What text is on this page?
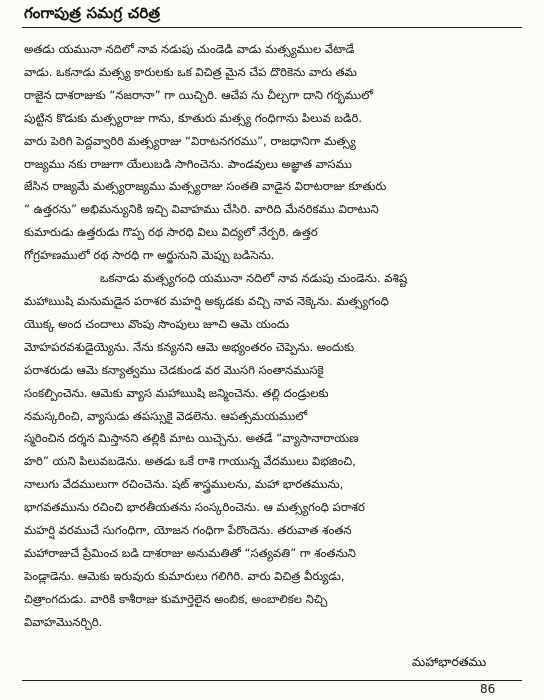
గంగాపుత్ర సమగ్ర చరిత్ర
అతడు యమునా నదిలో నావ నడుపు చుండెడి వాడు మత్స్యముల వేటాడే
వాడు. ఒకనాడు మత్స్య కారులకు ఒక విచిత్ర మైన చేప దొరికెను వారు తమ
రాజైన దాశరాజుకు “నజరానా” గా యిచ్చిరి. ఆచేప ను చీల్చగా దాని గర్భములో
పుట్టిన కొడుకు మత్స్యరాజు గాను, కూతురు మత్స్య గంధిగాను పిలువ బడిరి.
వారు పెరిగి పెద్దవ్వారిరి మత్స్యరాజు “విరాటనగరము”, రాజధానిగా మత్స్య
రాజ్యము నకు రాజుగా యేలుబడి సాగించెను. పాండవులు అజ్ఞాత వాసము
జేసిన రాజ్యమే మత్స్యరాజ్యము మత్స్యరాజు సంతతి వాడైన విరాటరాజు కూతురు
“ ఉత్తరను” అభిమన్యునికి ఇచ్చి వివాహము చేసిరి. వారిది మేనరికము విరాటుని
కుమారుడు ఉత్తరుడు గొప్ప రథ సారధి విలు విద్యలో నేర్పరి. ఉత్తర
గోగ్రహణములో రథ సారధి గా అర్జునుని మెప్పు బడిసెను.
ఒకనాడు మత్స్యగంధి యమునా నదిలో నావ నడుపు చుండెను. వశిష్ట
మహాఋషి మనుమడైన పరాశర మహర్షి అక్కడకు వచ్చి నావ నెక్కెను. మత్స్యగంధి
యొక్క అంద చందాలు వొంపు సొంపులు జూచి ఆమె యందు
మోహపరవశుడైయ్యెను. నేను కన్యనని ఆమె అభ్యంతరం చెప్పెను. అందుకు
పరాశరుడు ఆమె కన్యాత్వము చెడకుండ వర మొసగి సంతానముసకై
సంకల్పించెను. ఆమెకు వ్యాస మహాఋషి జన్మించెను. తల్లి దండ్రులకు
నమస్కరించి, వ్యాసుడు తపస్సుకై వెడలెను. ఆపత్సమయములో
స్మరించిన దర్శన మిస్తానని తల్లికి మాట యిచ్చెను. అతడే “వ్యాసానారాయణ
హరి” యని పిలువబడెను. అతడు ఒకే రాశి గాయున్న వేదములు విభజించి,
నాలుగు వేదములుగా రచించెను. షట్ శాస్త్రములను, మహా భారతమును,
భాగవతమును రచించి భారతీయతను సంస్కరించెను. ఆ మత్స్యగంధి పరాశర
మహర్షి వరముచే సుగంధిగా, యోజన గంధిగా పేరొందెను. తరువాత శంతన
మహారాజుచే ప్రేమించ బడి దాశరాజు అనుమతితో “సత్యవతి” గా శంతనుని
పెండ్లాడెను. ఆమెకు ఇరువురు కుమారులు గలిగిరి. వారు విచిత్ర వీర్యుడు,
చిత్రాంగదుడు. వారికి కాశీరాజు కుమార్తెలైన అంబిక, అంబాలికల నిచ్చి
వివాహమొనర్చిరి.
మహాభారతము
86
